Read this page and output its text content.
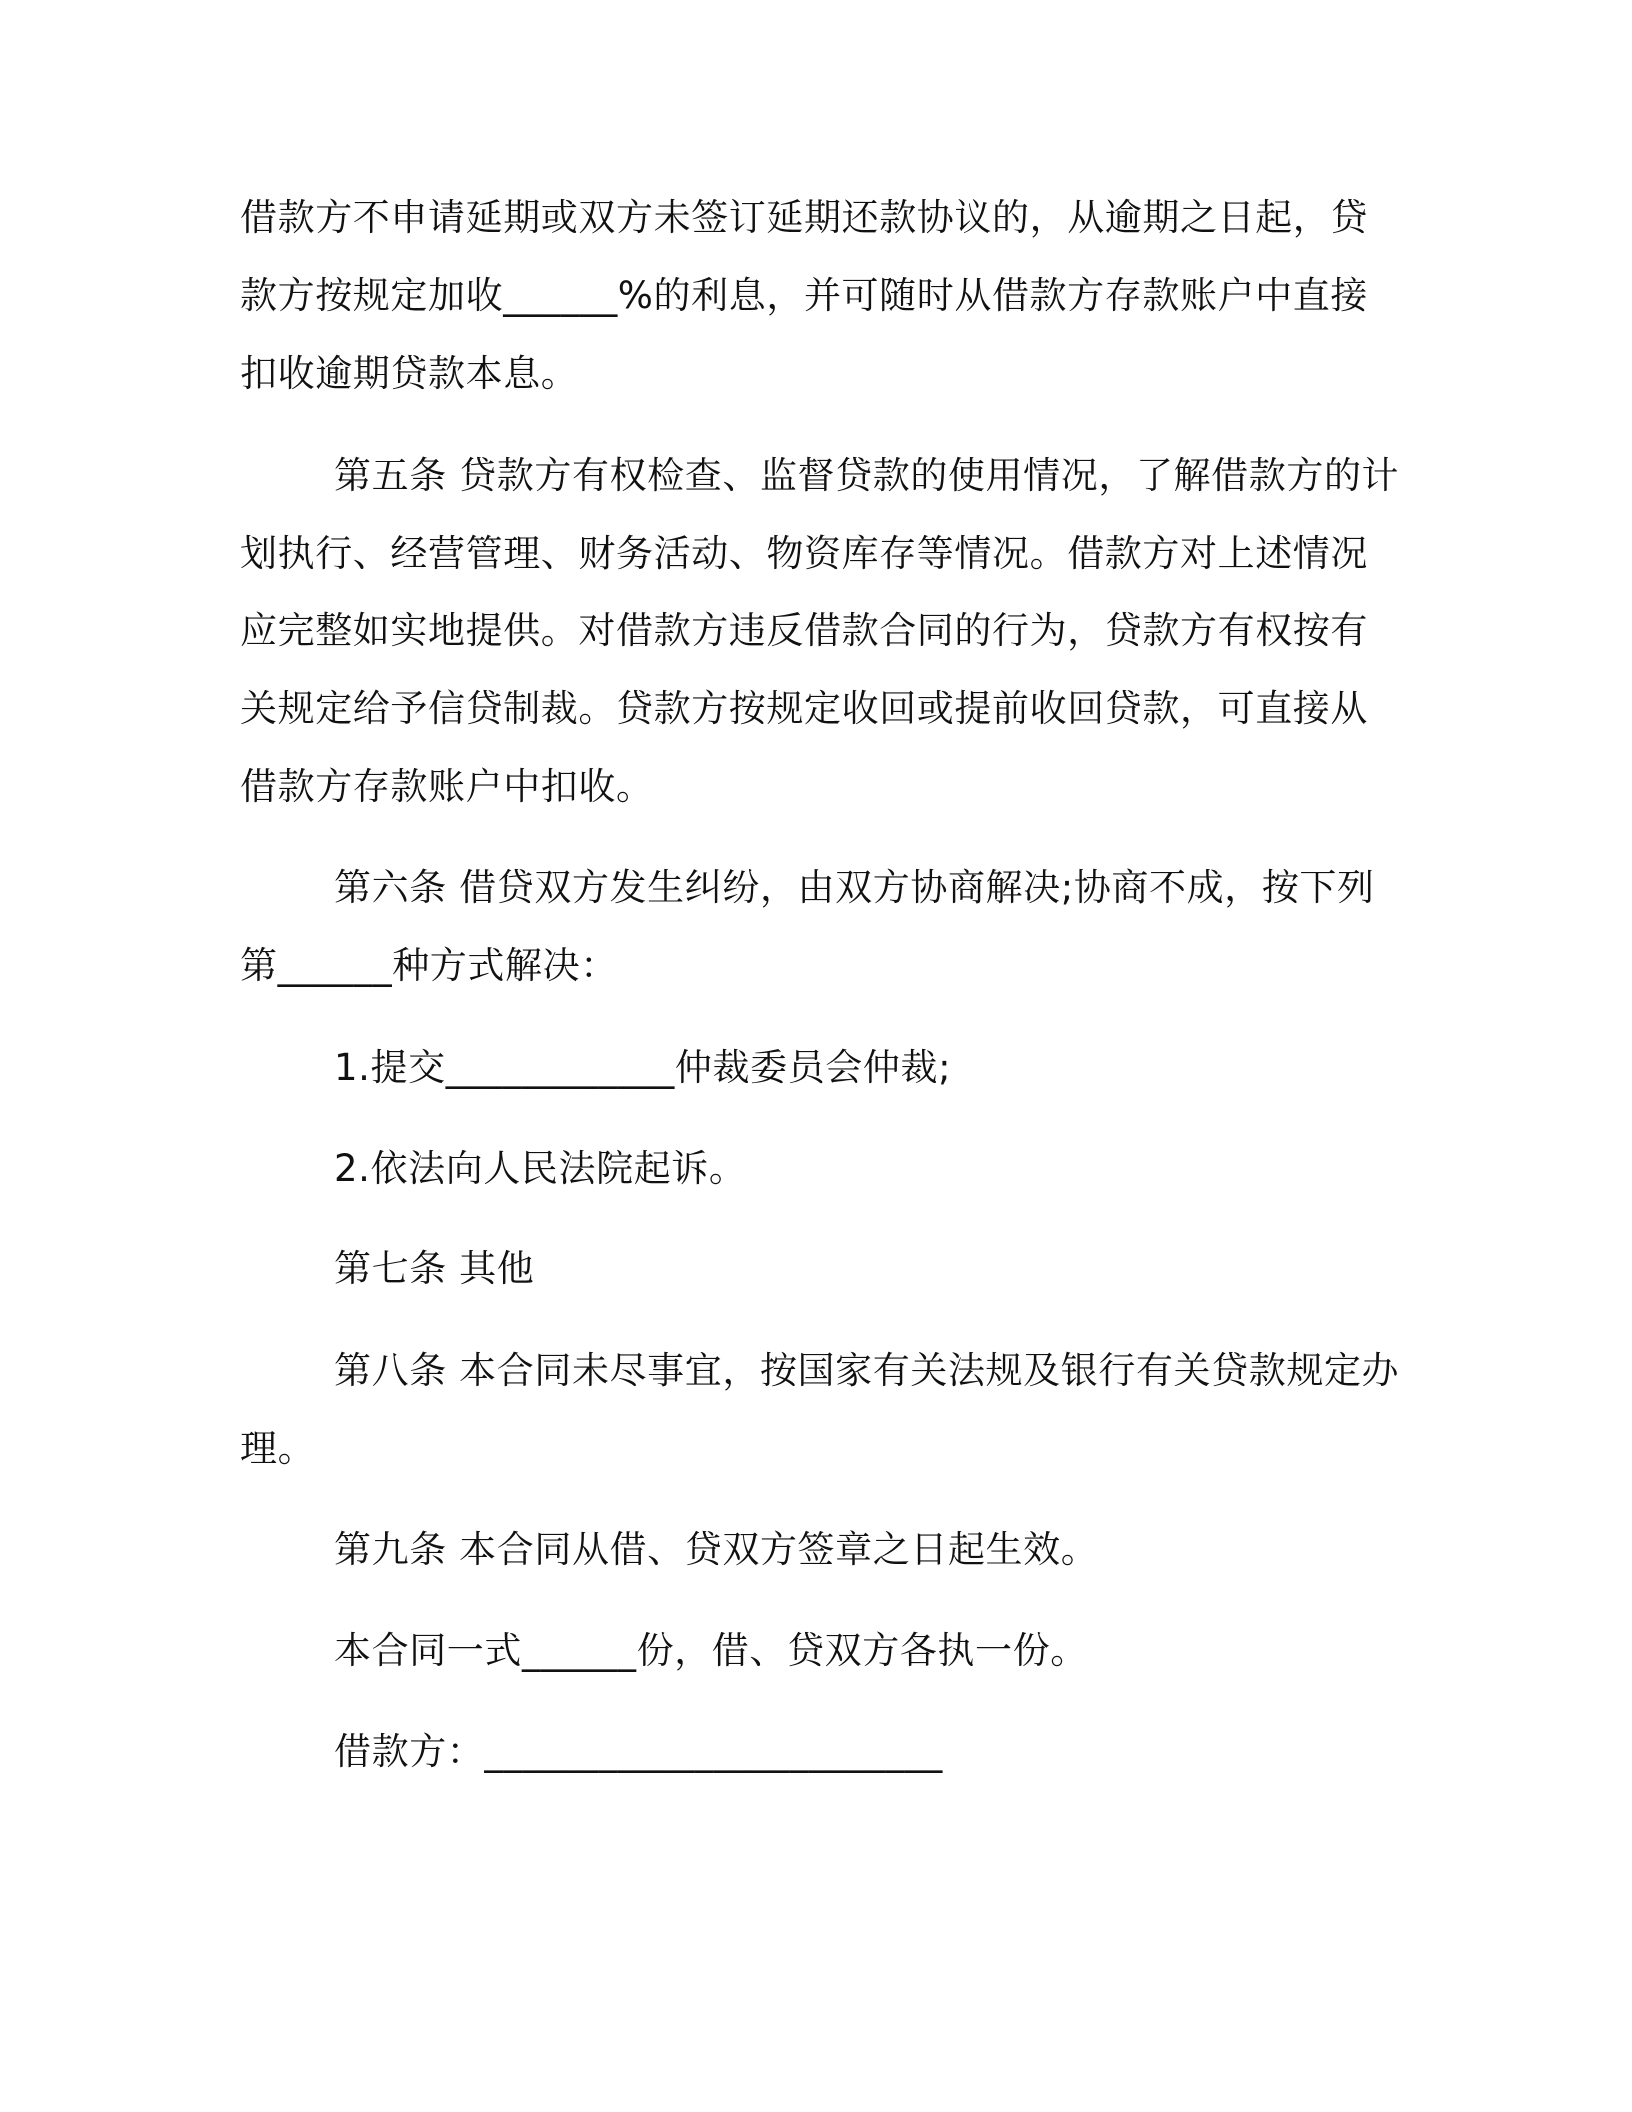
借款方不申请延期或双方未签订延期还款协议的，从逾期之日起，贷
款方按规定加收______%的利息，并可随时从借款方存款账户中直接
扣收逾期贷款本息。
第五条 贷款方有权检查、监督贷款的使用情况，了解借款方的计
划执行、经营管理、财务活动、物资库存等情况。借款方对上述情况
应完整如实地提供。对借款方违反借款合同的行为，贷款方有权按有
关规定给予信贷制裁。贷款方按规定收回或提前收回贷款，可直接从
借款方存款账户中扣收。
第六条 借贷双方发生纠纷，由双方协商解决;协商不成，按下列
第______种方式解决：
1.提交____________仲裁委员会仲裁;
2.依法向人民法院起诉。
第七条 其他
第八条 本合同未尽事宜，按国家有关法规及银行有关贷款规定办
理。
第九条 本合同从借、贷双方签章之日起生效。
本合同一式______份，借、贷双方各执一份。
借款方：________________________
